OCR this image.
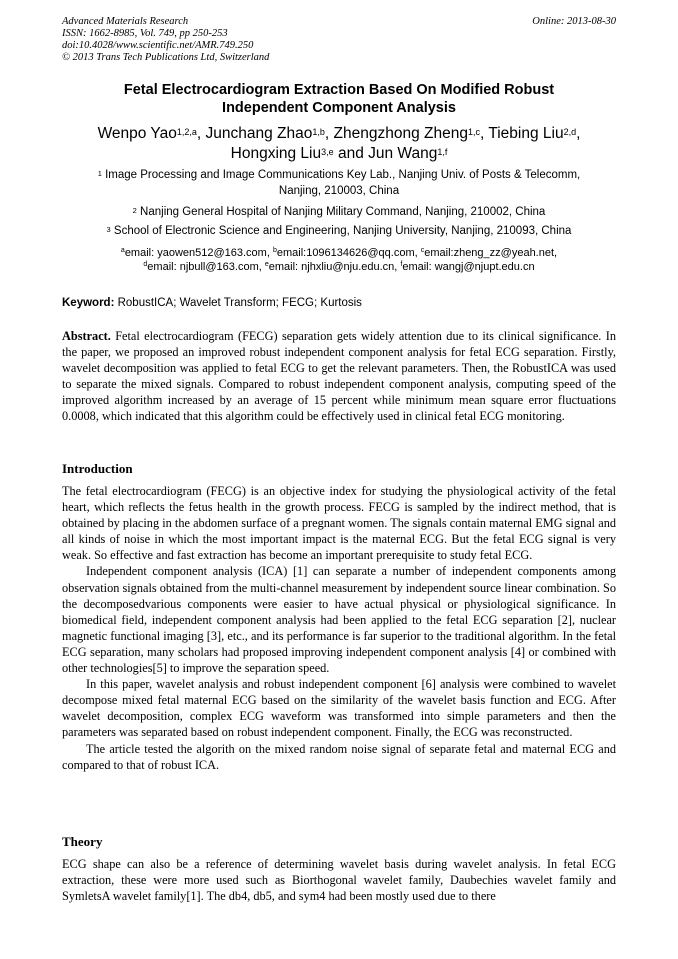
Advanced Materials Research
ISSN: 1662-8985, Vol. 749, pp 250-253
doi:10.4028/www.scientific.net/AMR.749.250
© 2013 Trans Tech Publications Ltd, Switzerland
Online: 2013-08-30
Fetal Electrocardiogram Extraction Based On Modified Robust
Independent Component Analysis
Wenpo Yao$^{1,2,a}$, Junchang Zhao$^{1,b}$, Zhengzhong Zheng$^{1,c}$, Tiebing Liu$^{2,d}$,
Hongxing Liu$^{3,e}$ and Jun Wang$^{1,f}$
$^1$ Image Processing and Image Communications Key Lab., Nanjing Univ. of Posts & Telecomm,
Nanjing, 210003, China
$^2$ Nanjing General Hospital of Nanjing Military Command, Nanjing, 210002, China
$^3$ School of Electronic Science and Engineering, Nanjing University, Nanjing, 210093, China
$^a$email: yaowen512@163.com, $^b$email:1096134626@qq.com, $^c$email:zheng_zz@yeah.net,
$^d$email: njbull@163.com, $^e$email: njhxliu@nju.edu.cn, $^f$email: wangj@njupt.edu.cn
Keyword: RobustICA; Wavelet Transform; FECG; Kurtosis

Abstract. Fetal electrocardiogram (FECG) separation gets widely attention due to its clinical significance. In the paper, we proposed an improved robust independent component analysis for fetal ECG separation. Firstly, wavelet decomposition was applied to fetal ECG to get the relevant parameters. Then, the RobustICA was used to separate the mixed signals. Compared to robust independent component analysis, computing speed of the improved algorithm increased by an average of 15 percent while minimum mean square error fluctuations 0.0008, which indicated that this algorithm could be effectively used in clinical fetal ECG monitoring.

Introduction

The fetal electrocardiogram (FECG) is an objective index for studying the physiological activity of the fetal heart, which reflects the fetus health in the growth process. FECG is sampled by the indirect method, that is obtained by placing in the abdomen surface of a pregnant women. The signals contain maternal EMG signal and all kinds of noise in which the most important impact is the maternal ECG. But the fetal ECG signal is very weak. So effective and fast extraction has become an important prerequisite to study fetal ECG.

Independent component analysis (ICA) [1] can separate a number of independent components among observation signals obtained from the multi-channel measurement by independent source linear combination. So the decomposedvarious components were easier to have actual physical or physiological significance. In biomedical field, independent component analysis had been applied to the fetal ECG separation [2], nuclear magnetic functional imaging [3], etc., and its performance is far superior to the traditional algorithm. In the fetal ECG separation, many scholars had proposed improving independent component analysis [4] or combined with other technologies[5] to improve the separation speed.

In this paper, wavelet analysis and robust independent component [6] analysis were combined to wavelet decompose mixed fetal maternal ECG based on the similarity of the wavelet basis function and ECG. After wavelet decomposition, complex ECG waveform was transformed into simple parameters and then the parameters was separated based on robust independent component. Finally, the ECG was reconstructed.

The article tested the algorith on the mixed random noise signal of separate fetal and maternal ECG and compared to that of robust ICA.

Theory

ECG shape can also be a reference of determining wavelet basis during wavelet analysis. In fetal ECG extraction, these were more used such as Biorthogonal wavelet family, Daubechies wavelet family and SymletsA wavelet family[1]. The db4, db5, and sym4 had been mostly used due to there
